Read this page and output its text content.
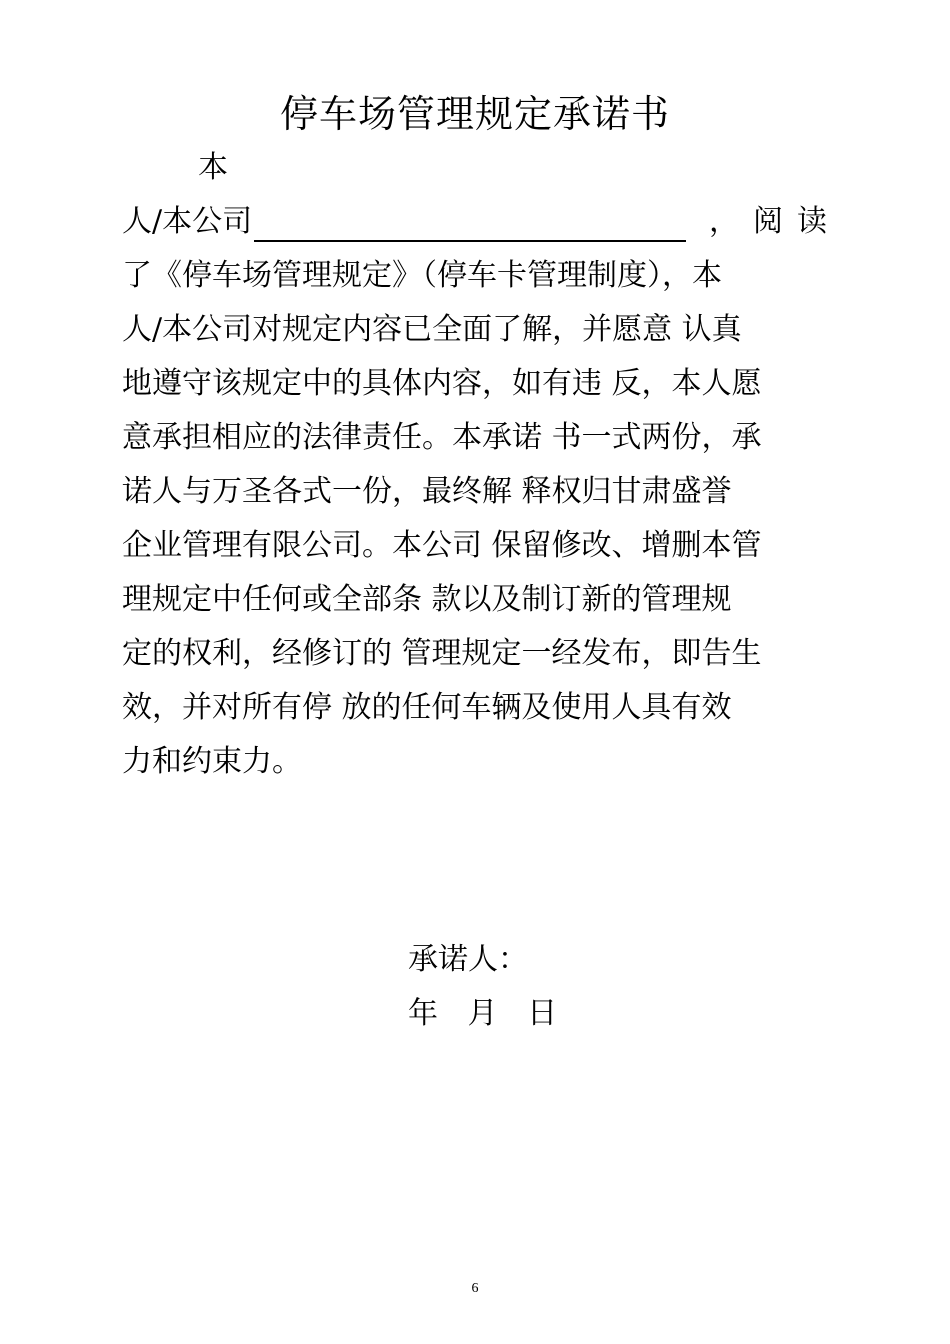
停车场管理规定承诺书
本
人/本公司	，阅读
了《停车场管理规定》（停车卡管理制度），本
人/本公司对规定内容已全面了解，并愿意 认真
地遵守该规定中的具体内容，如有违 反，本人愿
意承担相应的法律责任。本承诺 书一式两份，承
诺人与万圣各式一份，最终解 释权归甘肃盛誉
企业管理有限公司。本公司 保留修改、增删本管
理规定中任何或全部条 款以及制订新的管理规
定的权利，经修订的 管理规定一经发布，即告生
效，并对所有停 放的任何车辆及使用人具有效
力和约束力。
承诺人：
年 月 日
6
